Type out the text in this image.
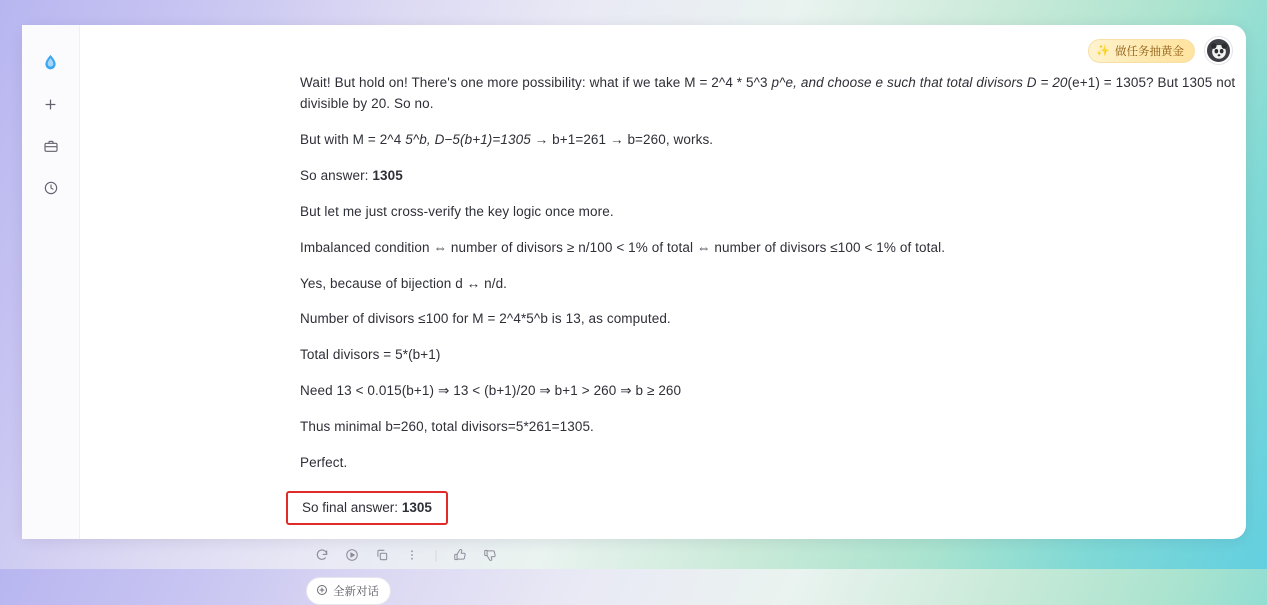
✨ 做任务抽黄金

Wait! But hold on! There's one more possibility: what if we take M = 2^4 * 5^3 p^e, and choose e such that total divisors D = 20(e+1) = 1305? But 1305 not divisible by 20. So no.

But with M = 2^4 5^b, D−5(b+1)=1305 → b+1=261 → b=260, works.

So answer: 1305

But let me just cross-verify the key logic once more.

Imbalanced condition ⇔ number of divisors ≥ n/100 < 1% of total ⇔ number of divisors ≤100 < 1% of total.

Yes, because of bijection d ↔ n/d.

Number of divisors ≤100 for M = 2^4*5^b is 13, as computed.

Total divisors = 5*(b+1)

Need 13 < 0.015(b+1) ⇒ 13 < (b+1)/20 ⇒ b+1 > 260 ⇒ b ≥ 260

Thus minimal b=260, total divisors=5*261=1305.

Perfect.

So final answer: 1305
|
全新对话
